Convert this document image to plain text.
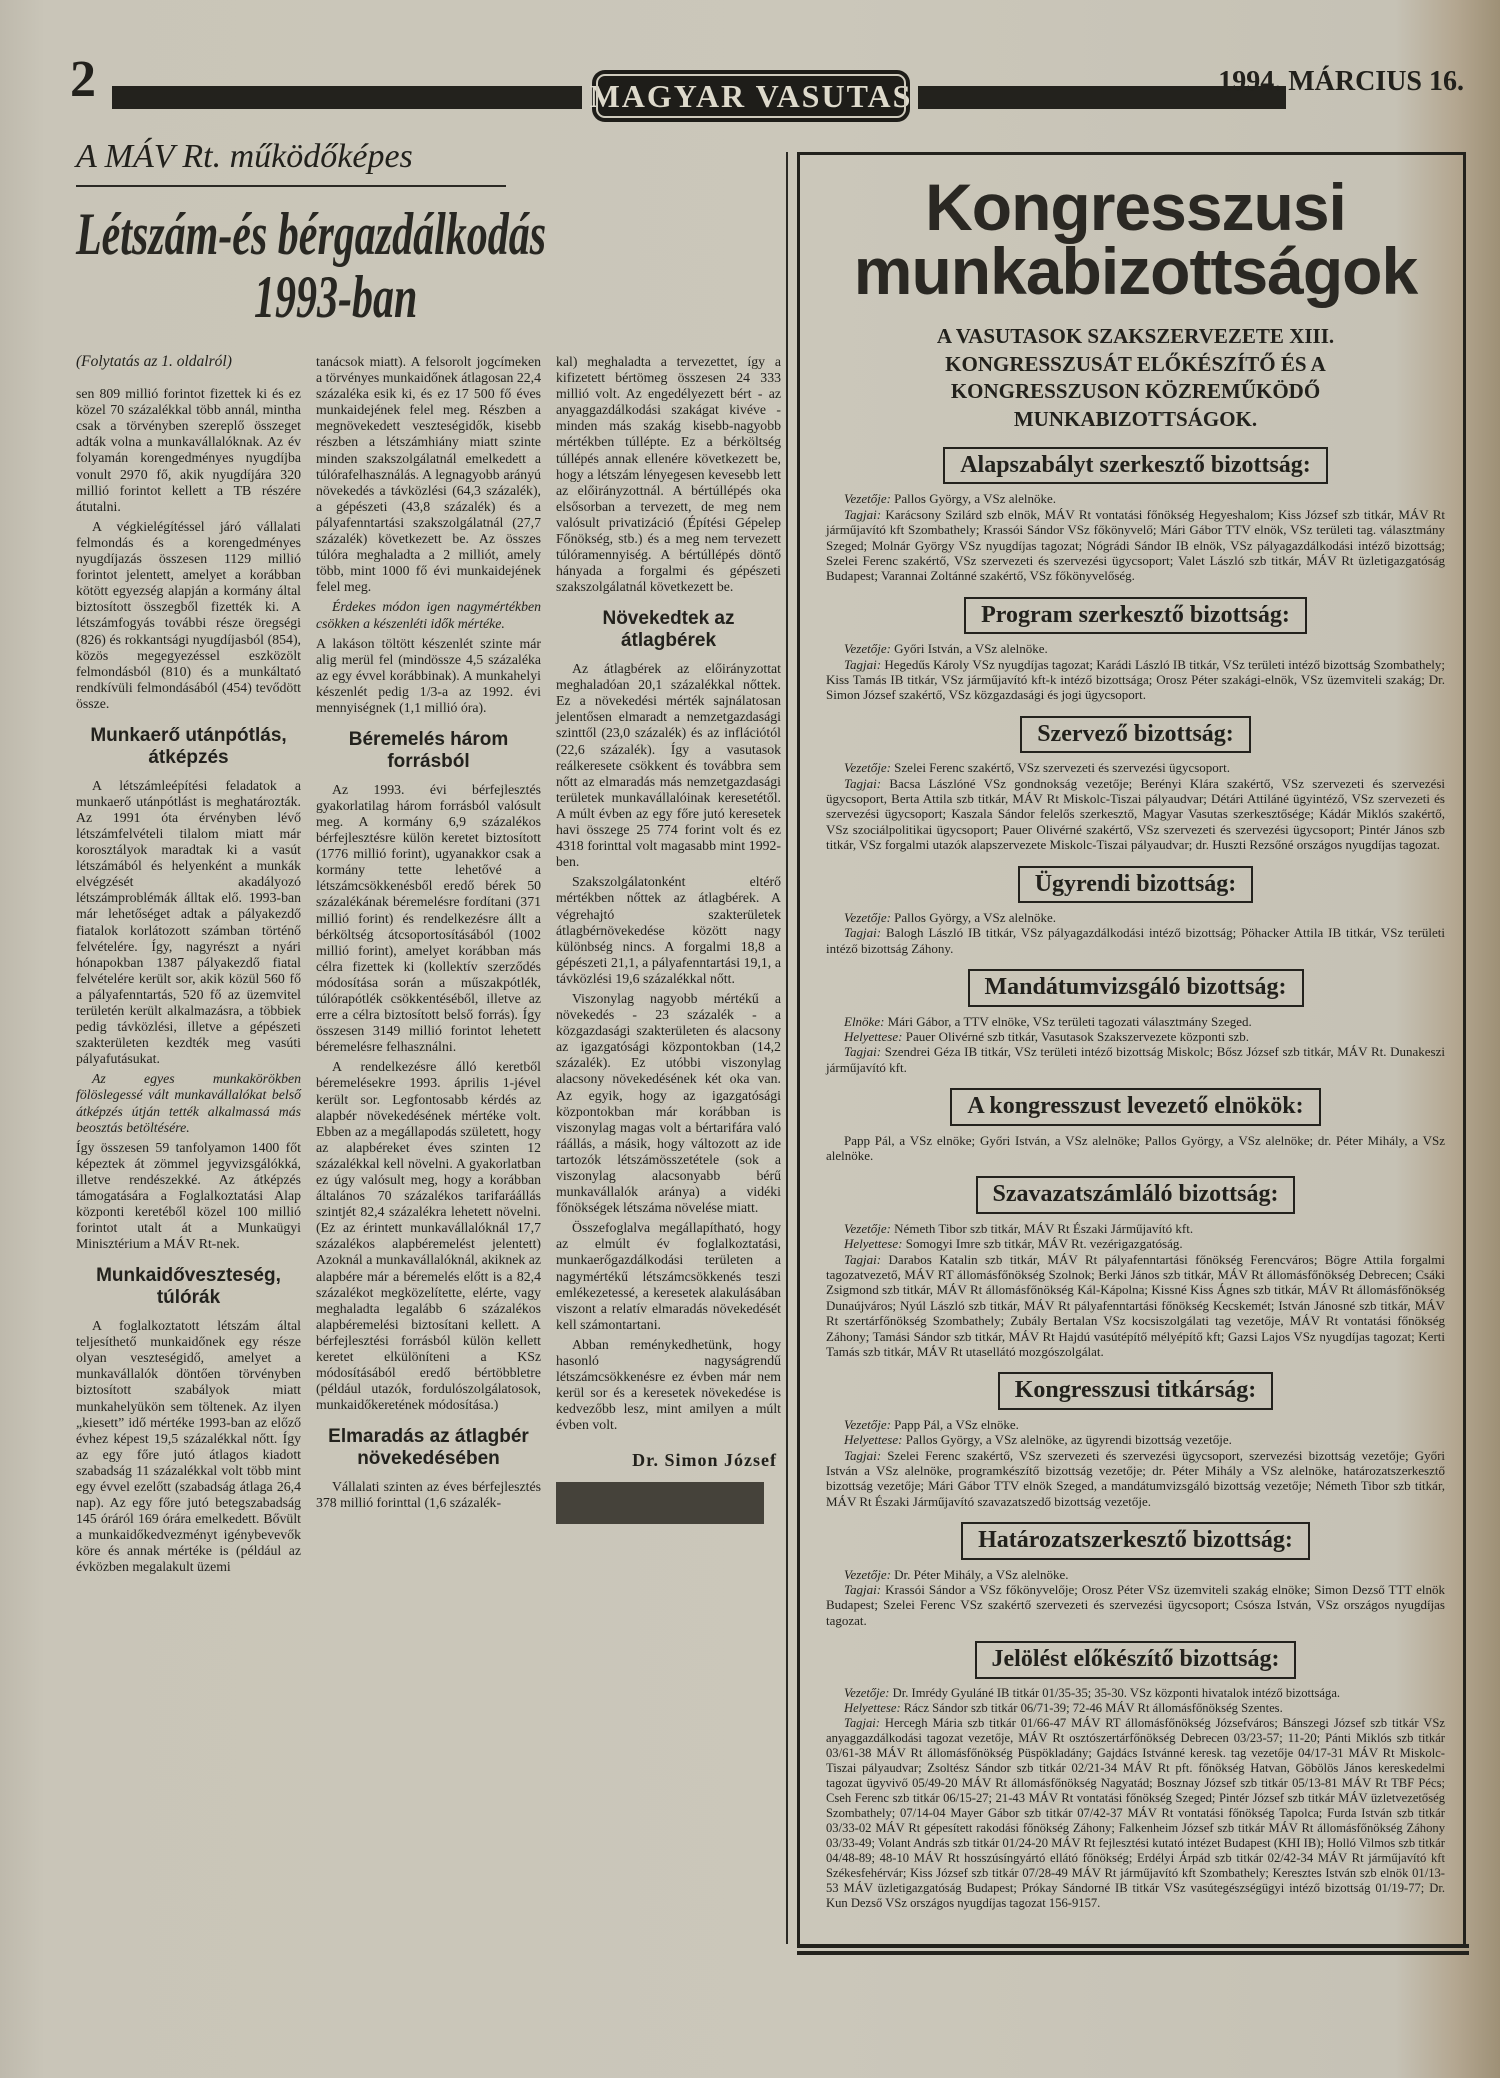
2	MAGYAR VASUTAS	1994. MÁRCIUS 16.
A MÁV Rt. működőképes
Létszám-és bérgazdálkodás
1993-ban

(Folytatás az 1. oldalról)

sen 809 millió forintot fizettek ki és ez közel 70 százalékkal több annál, mintha csak a törvényben szereplő összeget adták volna a munkavállalóknak. Az év folyamán korengedményes nyugdíjba vonult 2970 fő, akik nyugdíjára 320 millió forintot kellett a TB részére átutalni.

A végkielégítéssel járó vállalati felmondás és a korengedményes nyugdíjazás összesen 1129 millió forintot jelentett, amelyet a korábban kötött egyezség alapján a kormány által biztosított összegből fizették ki. A létszámfogyás további része öregségi (826) és rokkantsági nyugdíjasból (854), közös megegyezéssel eszközölt felmondásból (810) és a munkáltató rendkívüli felmondásából (454) tevődött össze.

Munkaerő utánpótlás, átképzés

A létszámleépítési feladatok a munkaerő utánpótlást is meghatározták. Az 1991 óta érvényben lévő létszámfelvételi tilalom miatt már korosztályok maradtak ki a vasút létszámából és helyenként a munkák elvégzését akadályozó létszámproblémák álltak elő. 1993-ban már lehetőséget adtak a pályakezdő fiatalok korlátozott számban történő felvételére. Így, nagyrészt a nyári hónapokban 1387 pályakezdő fiatal felvételére került sor, akik közül 560 fő a pályafenntartás, 520 fő az üzemvitel területén került alkalmazásra, a többiek pedig távközlési, illetve a gépészeti szakterületen kezdték meg vasúti pályafutásukat.

Az egyes munkakörökben fölöslegessé vált munkavállalókat belső átképzés útján tették alkalmassá más beosztás betöltésére.

Így összesen 59 tanfolyamon 1400 főt képeztek át zömmel jegyvizsgálókká, illetve rendészekké. Az átképzés támogatására a Foglalkoztatási Alap központi keretéből közel 100 millió forintot utalt át a Munkaügyi Minisztérium a MÁV Rt-nek.

Munkaidőveszteség, túlórák

A foglalkoztatott létszám által teljesíthető munkaidőnek egy része olyan veszteségidő, amelyet a munkavállalók döntően törvényben biztosított szabályok miatt munkahelyükön sem töltenek. Az ilyen „kiesett” idő mértéke 1993-ban az előző évhez képest 19,5 százalékkal nőtt. Így az egy főre jutó átlagos kiadott szabadság 11 százalékkal volt több mint egy évvel ezelőtt (szabadság átlaga 26,4 nap). Az egy főre jutó betegszabadság 145 óráról 169 órára emelkedett. Bővült a munkaidőkedvezményt igénybevevők köre és annak mértéke is (például az évközben megalakult üzemi

tanácsok miatt). A felsorolt jogcímeken a törvényes munkaidőnek átlagosan 22,4 százaléka esik ki, és ez 17 500 fő éves munkaidejének felel meg. Részben a megnövekedett veszteségidők, kisebb részben a létszámhiány miatt szinte minden szakszolgálatnál emelkedett a túlórafelhasználás. A legnagyobb arányú növekedés a távközlési (64,3 százalék), a gépészeti (43,8 százalék) és a pályafenntartási szakszolgálatnál (27,7 százalék) következett be. Az összes túlóra meghaladta a 2 milliót, amely több, mint 1000 fő évi munkaidejének felel meg.

Érdekes módon igen nagymértékben csökken a készenléti idők mértéke.

A lakáson töltött készenlét szinte már alig merül fel (mindössze 4,5 százaléka az egy évvel korábbinak). A munkahelyi készenlét pedig 1/3-a az 1992. évi mennyiségnek (1,1 millió óra).

Béremelés három forrásból

Az 1993. évi bérfejlesztés gyakorlatilag három forrásból valósult meg. A kormány 6,9 százalékos bérfejlesztésre külön keretet biztosított (1776 millió forint), ugyanakkor csak a kormány tette lehetővé a létszámcsökkenésből eredő bérek 50 százalékának béremelésre fordítani (371 millió forint) és rendelkezésre állt a bérköltség átcsoportosításából (1002 millió forint), amelyet korábban más célra fizettek ki (kollektív szerződés módosítása során a műszakpótlék, túlórapótlék csökkentéséből, illetve az erre a célra biztosított belső forrás). Így összesen 3149 millió forintot lehetett béremelésre felhasználni.

A rendelkezésre álló keretből béremelésekre 1993. április 1-jével került sor. Legfontosabb kérdés az alapbér növekedésének mértéke volt. Ebben az a megállapodás született, hogy az alapbéreket éves szinten 12 százalékkal kell növelni. A gyakorlatban ez úgy valósult meg, hogy a korábban általános 70 százalékos tarifaráállás szintjét 82,4 százalékra lehetett növelni. (Ez az érintett munkavállalóknál 17,7 százalékos alapbéremelést jelentett) Azoknál a munkavállalóknál, akiknek az alapbére már a béremelés előtt is a 82,4 százalékot megközelítette, elérte, vagy meghaladta legalább 6 százalékos alapbéremelési biztosítani kellett. A bérfejlesztési forrásból külön kellett keretet elkülöníteni a KSz módosításából eredő bértöbbletre (például utazók, fordulószolgálatosok, munkaidőkeretének módosítása.)

Elmaradás az átlagbér növekedésében

Vállalati szinten az éves bérfejlesztés 378 millió forinttal (1,6 százalék-

kal) meghaladta a tervezettet, így a kifizetett bértömeg összesen 24 333 millió volt. Az engedélyezett bért - az anyaggazdálkodási szakágat kivéve - minden más szakág kisebb-nagyobb mértékben túllépte. Ez a bérköltség túllépés annak ellenére következett be, hogy a létszám lényegesen kevesebb lett az előirányzottnál. A bértúllépés oka elsősorban a tervezett, de meg nem valósult privatizáció (Építési Gépelep Főnökség, stb.) és a meg nem tervezett túlóramennyiség. A bértúllépés döntő hányada a forgalmi és gépészeti szakszolgálatnál következett be.

Növekedtek az átlagbérek

Az átlagbérek az előirányzottat meghaladóan 20,1 százalékkal nőttek. Ez a növekedési mérték sajnálatosan jelentősen elmaradt a nemzetgazdasági szinttől (23,0 százalék) és az inflációtól (22,6 százalék). Így a vasutasok reálkeresete csökkent és továbbra sem nőtt az elmaradás más nemzetgazdasági területek munkavállalóinak keresetétől. A múlt évben az egy főre jutó keresetek havi összege 25 774 forint volt és ez 4318 forinttal volt magasabb mint 1992-ben.

Szakszolgálatonként eltérő mértékben nőttek az átlagbérek. A végrehajtó szakterületek átlagbérnövekedése között nagy különbség nincs. A forgalmi 18,8 a gépészeti 21,1, a pályafenntartási 19,1, a távközlési 19,6 százalékkal nőtt.

Viszonylag nagyobb mértékű a növekedés - 23 százalék - a közgazdasági szakterületen és alacsony az igazgatósági központokban (14,2 százalék). Ez utóbbi viszonylag alacsony növekedésének két oka van. Az egyik, hogy az igazgatósági központokban már korábban is viszonylag magas volt a bértarifára való ráállás, a másik, hogy változott az ide tartozók létszámösszetétele (sok a viszonylag alacsonyabb bérű munkavállalók aránya) a vidéki főnökségek létszáma növelése miatt.

Összefoglalva megállapítható, hogy az elmúlt év foglalkoztatási, munkaerőgazdálkodási területen a nagymértékű létszámcsökkenés teszi emlékezetessé, a keresetek alakulásában viszont a relatív elmaradás növekedését kell számontartani.

Abban reménykedhetünk, hogy hasonló nagyságrendű létszámcsökkenésre ez évben már nem kerül sor és a keresetek növekedése is kedvezőbb lesz, mint amilyen a múlt évben volt.

Dr. Simon József

Kongresszusi
munkabizottságok
A VASUTASOK SZAKSZERVEZETE XIII. KONGRESSZUSÁT ELŐKÉSZÍTŐ ÉS A KONGRESSZUSON KÖZREMŰKÖDŐ MUNKABIZOTTSÁGOK.
Alapszabályt szerkesztő bizottság:

Vezetője: Pallos György, a VSz alelnöke.

Tagjai: Karácsony Szilárd szb elnök, MÁV Rt vontatási főnökség Hegyeshalom; Kiss József szb titkár, MÁV Rt járműjavító kft Szombathely; Krassói Sándor VSz főkönyvelő; Mári Gábor TTV elnök, VSz területi tag. választmány Szeged; Molnár György VSz nyugdíjas tagozat; Nógrádi Sándor IB elnök, VSz pályagazdálkodási intéző bizottság; Szelei Ferenc szakértő, VSz szervezeti és szervezési ügycsoport; Valet László szb titkár, MÁV Rt üzletigazgatóság Budapest; Varannai Zoltánné szakértő, VSz főkönyvelőség.

Program szerkesztő bizottság:

Vezetője: Győri István, a VSz alelnöke.

Tagjai: Hegedűs Károly VSz nyugdíjas tagozat; Karádi László IB titkár, VSz területi intéző bizottság Szombathely; Kiss Tamás IB titkár, VSz járműjavító kft-k intéző bizottsága; Orosz Péter szakági-elnök, VSz üzemviteli szakág; Dr. Simon József szakértő, VSz közgazdasági és jogi ügycsoport.

Szervező bizottság:

Vezetője: Szelei Ferenc szakértő, VSz szervezeti és szervezési ügycsoport.

Tagjai: Bacsa Lászlóné VSz gondnokság vezetője; Berényi Klára szakértő, VSz szervezeti és szervezési ügycsoport, Berta Attila szb titkár, MÁV Rt Miskolc-Tiszai pályaudvar; Détári Attiláné ügyintéző, VSz szervezeti és szervezési ügycsoport; Kaszala Sándor felelős szerkesztő, Magyar Vasutas szerkesztősége; Kádár Miklós szakértő, VSz szociálpolitikai ügycsoport; Pauer Olivérné szakértő, VSz szervezeti és szervezési ügycsoport; Pintér János szb titkár, VSz forgalmi utazók alapszervezete Miskolc-Tiszai pályaudvar; dr. Huszti Rezsőné országos nyugdíjas tagozat.

Ügyrendi bizottság:

Vezetője: Pallos György, a VSz alelnöke.

Tagjai: Balogh László IB titkár, VSz pályagazdálkodási intéző bizottság; Pöhacker Attila IB titkár, VSz területi intéző bizottság Záhony.

Mandátumvizsgáló bizottság:

Elnöke: Mári Gábor, a TTV elnöke, VSz területi tagozati választmány Szeged.

Helyettese: Pauer Olivérné szb titkár, Vasutasok Szakszervezete központi szb.

Tagjai: Szendrei Géza IB titkár, VSz területi intéző bizottság Miskolc; Bősz József szb titkár, MÁV Rt. Dunakeszi járműjavító kft.

A kongresszust levezető elnökök:

Papp Pál, a VSz elnöke; Győri István, a VSz alelnöke; Pallos György, a VSz alelnöke; dr. Péter Mihály, a VSz alelnöke.

Szavazatszámláló bizottság:

Vezetője: Németh Tibor szb titkár, MÁV Rt Északi Járműjavító kft.

Helyettese: Somogyi Imre szb titkár, MÁV Rt. vezérigazgatóság.

Tagjai: Darabos Katalin szb titkár, MÁV Rt pályafenntartási főnökség Ferencváros; Bögre Attila forgalmi tagozatvezető, MÁV RT állomásfőnökség Szolnok; Berki János szb titkár, MÁV Rt állomásfőnökség Debrecen; Csáki Zsigmond szb titkár, MÁV Rt állomásfőnökség Kál-Kápolna; Kissné Kiss Ágnes szb titkár, MÁV Rt állomásfőnökség Dunaújváros; Nyúl László szb titkár, MÁV Rt pályafenntartási főnökség Kecskemét; István Jánosné szb titkár, MÁV Rt szertárfőnökség Szombathely; Zubály Bertalan VSz kocsiszolgálati tag vezetője, MÁV Rt vontatási főnökség Záhony; Tamási Sándor szb titkár, MÁV Rt Hajdú vasútépítő mélyépítő kft; Gazsi Lajos VSz nyugdíjas tagozat; Kerti Tamás szb titkár, MÁV Rt utasellátó mozgószolgálat.

Kongresszusi titkárság:

Vezetője: Papp Pál, a VSz elnöke.

Helyettese: Pallos György, a VSz alelnöke, az ügyrendi bizottság vezetője.

Tagjai: Szelei Ferenc szakértő, VSz szervezeti és szervezési ügycsoport, szervezési bizottság vezetője; Győri István a VSz alelnöke, programkészítő bizottság vezetője; dr. Péter Mihály a VSz alelnöke, határozatszerkesztő bizottság vezetője; Mári Gábor TTV elnök Szeged, a mandátumvizsgáló bizottság vezetője; Németh Tibor szb titkár, MÁV Rt Északi Járműjavító szavazatszedő bizottság vezetője.

Határozatszerkesztő bizottság:

Vezetője: Dr. Péter Mihály, a VSz alelnöke.

Tagjai: Krassói Sándor a VSz főkönyvelője; Orosz Péter VSz üzemviteli szakág elnöke; Simon Dezső TTT elnök Budapest; Szelei Ferenc VSz szakértő szervezeti és szervezési ügycsoport; Csósza István, VSz országos nyugdíjas tagozat.

Jelölést előkészítő bizottság:

Vezetője: Dr. Imrédy Gyuláné IB titkár 01/35-35; 35-30. VSz központi hivatalok intéző bizottsága.

Helyettese: Rácz Sándor szb titkár 06/71-39; 72-46 MÁV Rt állomásfőnökség Szentes.

Tagjai: Hercegh Mária szb titkár 01/66-47 MÁV RT állomásfőnökség Józsefváros; Bánszegi József szb titkár VSz anyaggazdálkodási tagozat vezetője, MÁV Rt osztószertárfőnökség Debrecen 03/23-57; 11-20; Pánti Miklós szb titkár 03/61-38 MÁV Rt állomásfőnökség Püspökladány; Gajdács Istvánné keresk. tag vezetője 04/17-31 MÁV Rt Miskolc-Tiszai pályaudvar; Zsoltész Sándor szb titkár 02/21-34 MÁV Rt pft. főnökség Hatvan, Göbölös János kereskedelmi tagozat ügyvivő 05/49-20 MÁV Rt állomásfőnökség Nagyatád; Bosznay József szb titkár 05/13-81 MÁV Rt TBF Pécs; Cseh Ferenc szb titkár 06/15-27; 21-43 MÁV Rt vontatási főnökség Szeged; Pintér József szb titkár MÁV üzletvezetőség Szombathely; 07/14-04 Mayer Gábor szb titkár 07/42-37 MÁV Rt vontatási főnökség Tapolca; Furda István szb titkár 03/33-02 MÁV Rt gépesített rakodási főnökség Záhony; Falkenheim József szb titkár MÁV Rt állomásfőnökség Záhony 03/33-49; Volant András szb titkár 01/24-20 MÁV Rt fejlesztési kutató intézet Budapest (KHI IB); Holló Vilmos szb titkár 04/48-89; 48-10 MÁV Rt hosszúsíngyártó ellátó főnökség; Erdélyi Árpád szb titkár 02/42-34 MÁV Rt járműjavító kft Székesfehérvár; Kiss József szb titkár 07/28-49 MÁV Rt járműjavító kft Szombathely; Keresztes István szb elnök 01/13-53 MÁV üzletigazgatóság Budapest; Prókay Sándorné IB titkár VSz vasútegészségügyi intéző bizottság 01/19-77; Dr. Kun Dezső VSz országos nyugdíjas tagozat 156-9157.
